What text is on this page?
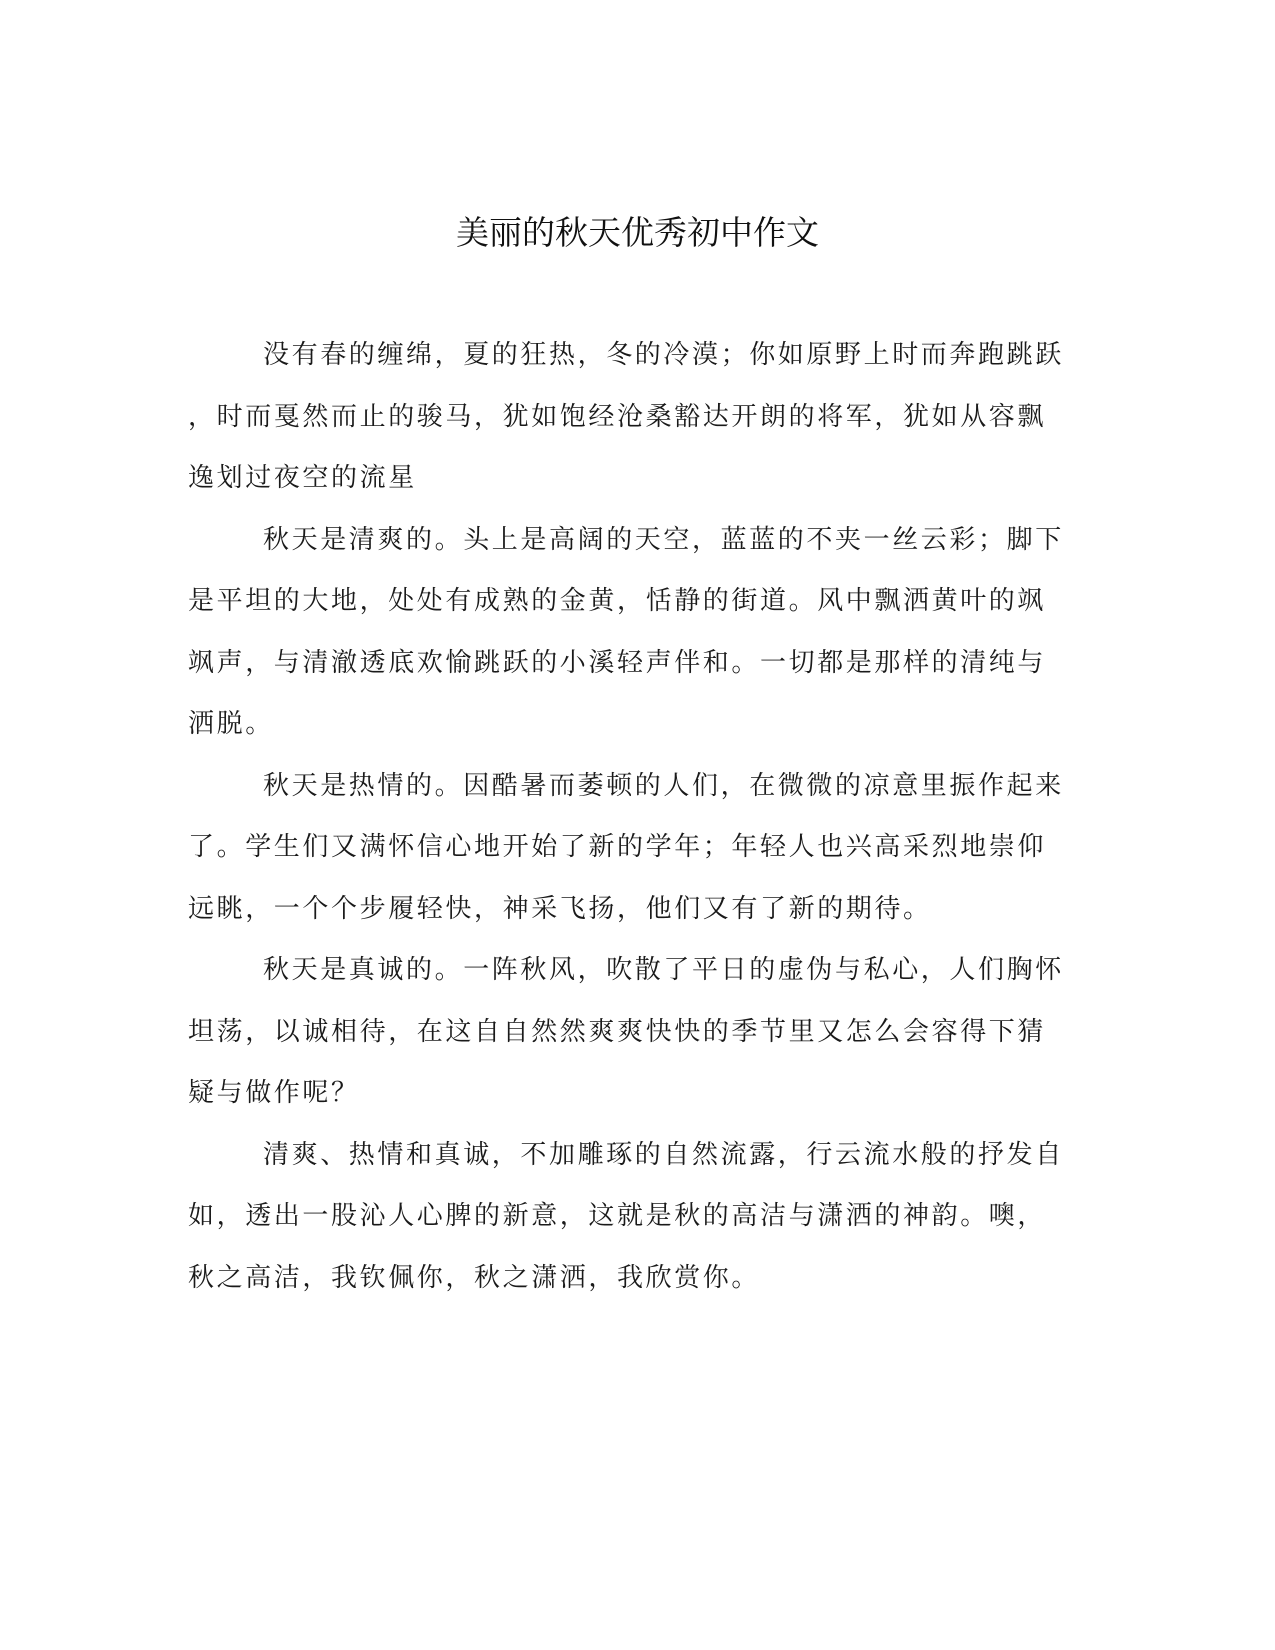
美丽的秋天优秀初中作文
没有春的缠绵，夏的狂热，冬的冷漠；你如原野上时而奔跑跳跃
，时而戛然而止的骏马，犹如饱经沧桑豁达开朗的将军，犹如从容飘
逸划过夜空的流星
秋天是清爽的。头上是高阔的天空，蓝蓝的不夹一丝云彩；脚下
是平坦的大地，处处有成熟的金黄，恬静的街道。风中飘洒黄叶的飒
飒声，与清澈透底欢愉跳跃的小溪轻声伴和。一切都是那样的清纯与
洒脱。
秋天是热情的。因酷暑而萎顿的人们，在微微的凉意里振作起来
了。学生们又满怀信心地开始了新的学年；年轻人也兴高采烈地崇仰
远眺，一个个步履轻快，神采飞扬，他们又有了新的期待。
秋天是真诚的。一阵秋风，吹散了平日的虚伪与私心，人们胸怀
坦荡，以诚相待，在这自自然然爽爽快快的季节里又怎么会容得下猜
疑与做作呢？
清爽、热情和真诚，不加雕琢的自然流露，行云流水般的抒发自
如，透出一股沁人心脾的新意，这就是秋的高洁与潇洒的神韵。噢，
秋之高洁，我钦佩你，秋之潇洒，我欣赏你。
